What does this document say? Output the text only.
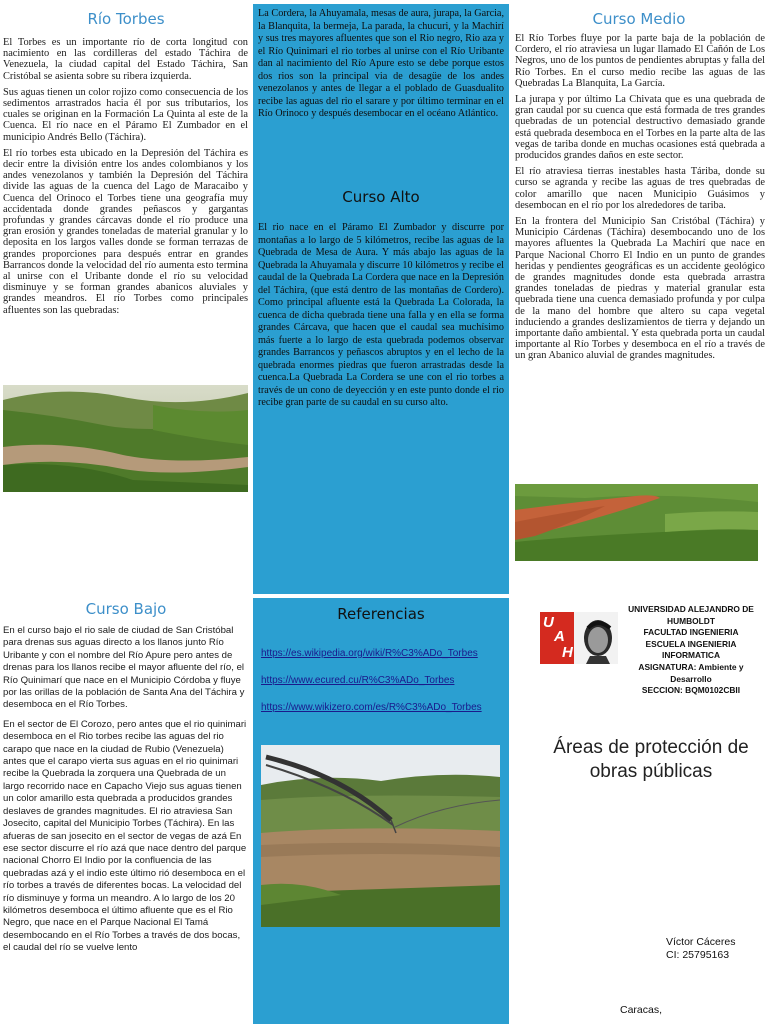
Río Torbes

El Torbes es un importante río de corta longitud con nacimiento en las cordilleras del estado Táchira de Venezuela, la ciudad capital del Estado Táchira, San Cristóbal se asienta sobre su ribera izquierda.

Sus aguas tienen un color rojizo como consecuencia de los sedimentos arrastrados hacia él por sus tributarios, los cuales se originan en la Formación La Quinta al este de la Cuenca. El río nace en el Páramo El Zumbador en el municipio Andrés Bello (Táchira).

El río torbes esta ubicado en la Depresión del Táchira es decir entre la división entre los andes colombianos y los andes venezolanos y también la Depresión del Táchira divide las aguas de la cuenca del Lago de Maracaibo y Cuenca del Orinoco el Torbes tiene una geografía muy accidentada donde grandes peñascos y gargantas profundas y grandes cárcavas donde el río produce una gran erosión y grandes toneladas de material granular y lo deposita en los largos valles donde se forman terrazas de grandes proporciones para después entrar en grandes Barrancos donde la velocidad del río aumenta esto termina al unirse con el Uribante donde el río su velocidad disminuye y se forman grandes abanicos aluviales y grandes meandros. El río Torbes como principales afluentes son las quebradas:

La Cordera, la Ahuyamala, mesas de aura, jurapa, la Garcia, la Blanquita, la bermeja, La parada, la chucuri, y la Machirí y sus tres mayores afluentes que son el Rio negro, Rio aza y el Río Quinimari el rio torbes al unirse con el Río Uribante dan al nacimiento del Río Apure esto se debe porque estos dos rios son la principal via de desagüe de los andes venezolanos y antes de llegar a el poblado de Guasdualito recibe las aguas del rio el sarare y por último terminar en el Río Orinoco y después desembocar en el océano Atlántico.
Curso Alto
El rio nace en el Páramo El Zumbador y discurre por montañas a lo largo de 5 kilómetros, recibe las aguas de la Quebrada de Mesa de Aura. Y más abajo las aguas de la Quebrada la Ahuyamala y discurre 10 kilómetros y recibe el caudal de la Quebrada La Cordera que nace en la Depresión del Táchira, (que está dentro de las montañas de Cordero). Como principal afluente está la Quebrada La Colorada, la cuenca de dicha quebrada tiene una falla y en ella se forma grandes Cárcava, que hacen que el caudal sea muchísimo más fuerte a lo largo de esta quebrada podemos observar grandes Barrancos y peñascos abruptos y en el lecho de la quebrada enormes piedras que fueron arrastradas desde la cuenca.La Quebrada La Cordera se une con el rio torbes a través de un cono de deyección y en este punto donde el rio recibe gran parte de su caudal en su curso alto.
Curso Medio

El Río Torbes fluye por la parte baja de la población de Cordero, el río atraviesa un lugar llamado El Cañón de Los Negros, uno de los puntos de pendientes abruptas y falla del Río Torbes. En el curso medio recibe las aguas de las Quebradas La Blanquita, La García.

La jurapa y por último La Chivata que es una quebrada de gran caudal por su cuenca que está formada de tres grandes quebradas de un potencial destructivo demasiado grande está quebrada desemboca en el Torbes en la parte alta de las vegas de tariba donde en muchas ocasiones está quebrada a producidos grandes daños en este sector.

El río atraviesa tierras inestables hasta Táriba, donde su curso se agranda y recibe las aguas de tres quebradas de color amarillo que nacen Municipio Guásimos y desembocan en el río por los alrededores de tariba.

En la frontera del Municipio San Cristóbal (Táchira) y Municipio Cárdenas (Táchira) desembocando uno de los mayores afluentes la Quebrada La Machirí que nace en Parque Nacional Chorro El Indio en un punto de grandes heridas y pendientes geográficas es un accidente geológico de grandes magnitudes donde esta quebrada arrastra grandes toneladas de piedras y material granular esta quebrada tiene una cuenca demasiado profunda y por culpa de la mano del hombre que altero su capa vegetal induciendo a grandes deslizamientos de tierra y dejando un importante daño ambiental. Y esta quebrada porta un caudal importante al Río Torbes y desemboca en el río a través de un gran Abanico aluvial de grandes magnitudes.

Curso Bajo

En el curso bajo el rio sale de ciudad de San Cristóbal para drenas sus aguas directo a los llanos junto Río Uribante y con el nombre del Río Apure pero antes de drenas para los llanos recibe el mayor afluente del río, el Río Quinimarí que nace en el Municipio Córdoba y fluye por las orillas de la población de Santa Ana del Táchira y desemboca en el Río Torbes.

En el sector de El Corozo, pero antes que el rio quinimari desemboca en el Rio torbes recibe las aguas del rio carapo que nace en la ciudad de Rubio (Venezuela) antes que el carapo vierta sus aguas en el rio quinimari recibe la Quebrada la zorquera una Quebrada de un largo recorrido nace en Capacho Viejo sus aguas tienen un color amarillo esta quebrada a producidos grandes deslaves de grandes magnitudes. El rio atraviesa San Josecito, capital del Municipio Torbes (Táchira). En las afueras de san josecito en el sector de vegas de azá En ese sector discurre el río azá que nace dentro del parque nacional Chorro El Indio por la confluencia de las quebradas azá y el indio este último rió desemboca en el río torbes a través de diferentes bocas. La velocidad del río disminuye y forma un meandro. A lo largo de los 20 kilómetros desemboca el último afluente que es el Rio Negro, que nace en el Parque Nacional El Tamá desembocando en el Río Torbes a través de dos bocas, el caudal del río se vuelve lento

Referencias
https://es.wikipedia.org/wiki/R%C3%ADo_Torbes
https://www.ecured.cu/R%C3%ADo_Torbes
https://www.wikizero.com/es/R%C3%ADo_Torbes
U
A
H
UNIVERSIDAD ALEJANDRO DE
HUMBOLDT
FACULTAD INGENIERIA
ESCUELA INGENIERIA
INFORMATICA
ASIGNATURA: Ambiente y
Desarrollo
SECCION: BQM0102CBII
Áreas de protección de obras públicas
Víctor Cáceres
CI: 25795163
Caracas,
